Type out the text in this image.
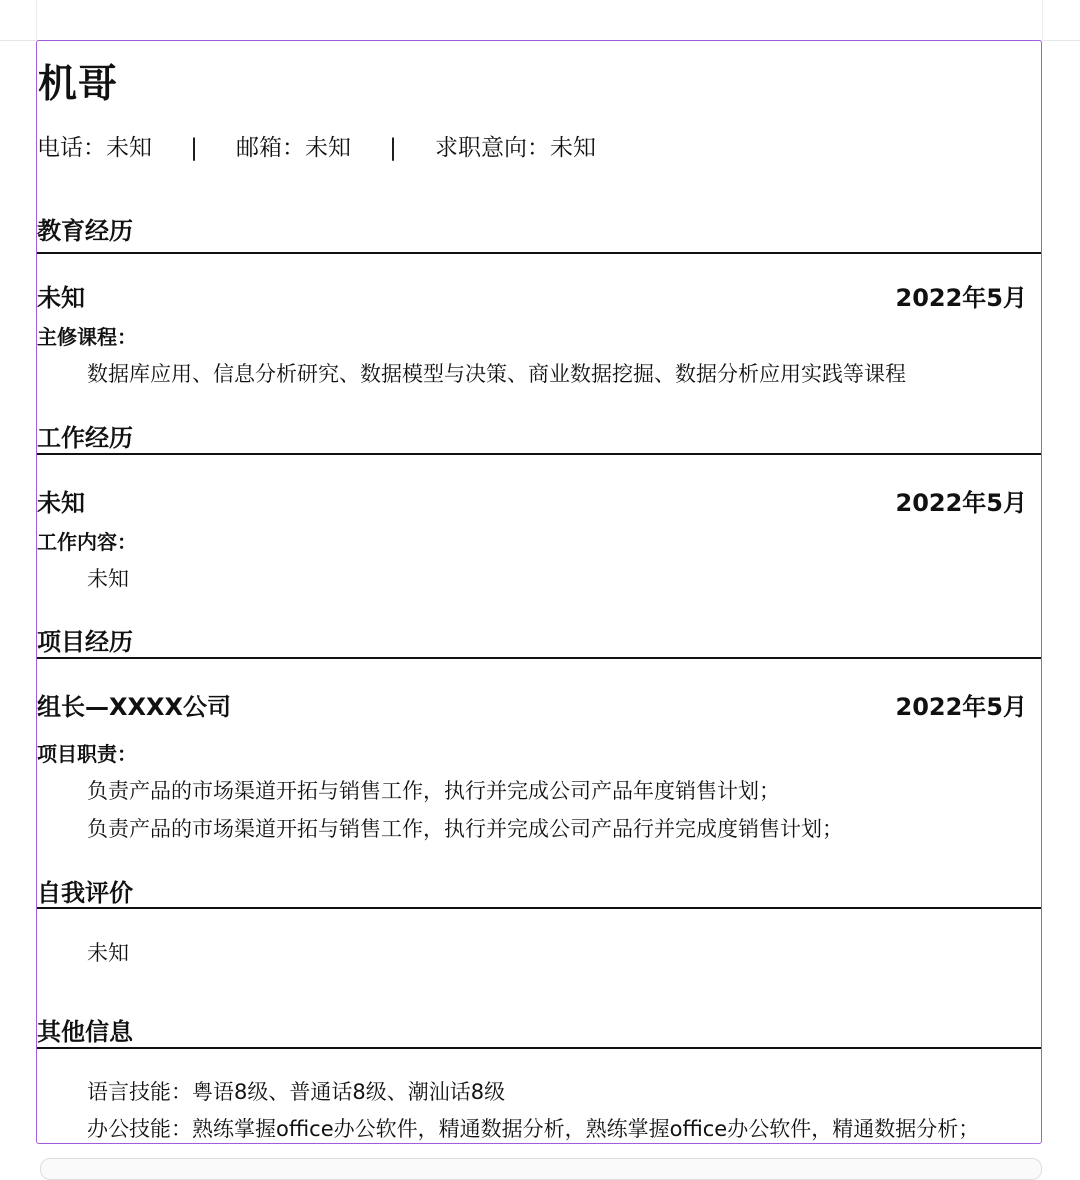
机哥
电话：未知 | 邮箱：未知 | 求职意向：未知
教育经历
未知	2022年5月
主修课程：
数据库应用、信息分析研究、数据模型与决策、商业数据挖掘、数据分析应用实践等课程
工作经历
未知	2022年5月
工作内容：
未知
项目经历
组长—XXXX公司	2022年5月
项目职责：
负责产品的市场渠道开拓与销售工作，执行并完成公司产品年度销售计划；
负责产品的市场渠道开拓与销售工作，执行并完成公司产品行并完成度销售计划；
自我评价
未知
其他信息
语言技能：粤语8级、普通话8级、潮汕话8级
办公技能：熟练掌握office办公软件，精通数据分析，熟练掌握office办公软件，精通数据分析；
